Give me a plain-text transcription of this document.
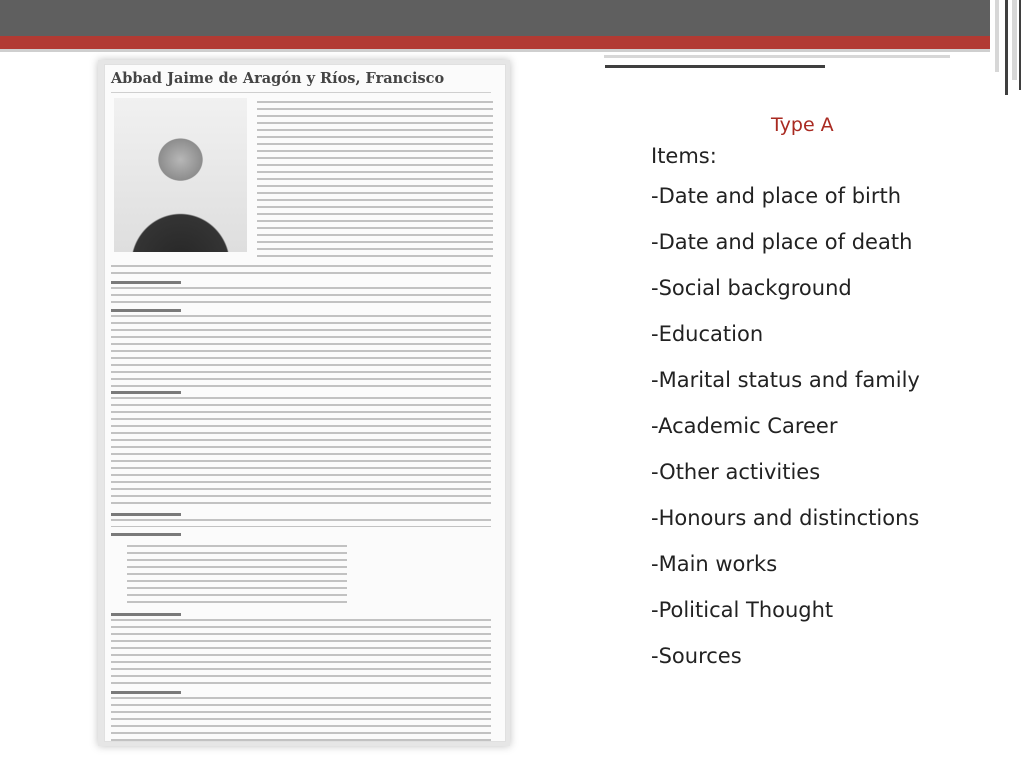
Abbad Jaime de Aragón y Ríos, Francisco

Type A

Items:

-Date and place of birth
-Date and place of death
-Social background
-Education
-Marital status and family
-Academic Career
-Other activities
-Honours and distinctions
-Main works
-Political Thought
-Sources
